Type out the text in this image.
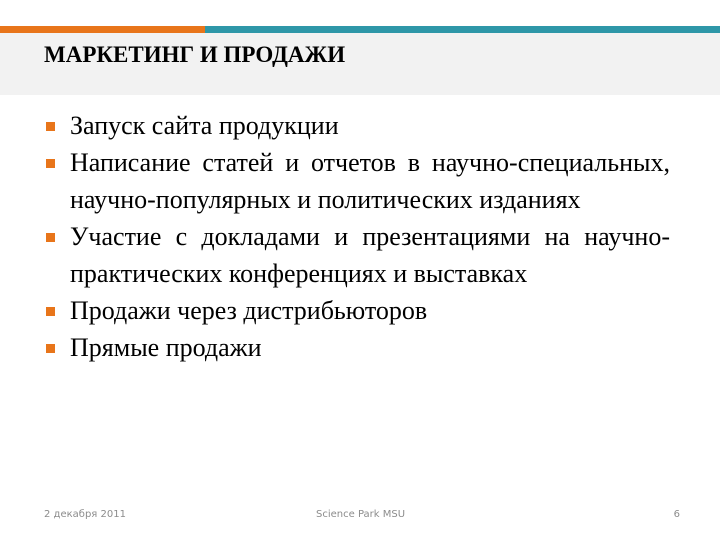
МАРКЕТИНГ И ПРОДАЖИ
Запуск сайта продукции
Написание статей и отчетов в научно-специальных, научно-популярных и политических изданиях
Участие с докладами и презентациями на научно-практических конференциях и выставках
Продажи через дистрибьюторов
Прямые продажи
2 декабря 2011	Science Park MSU	6
